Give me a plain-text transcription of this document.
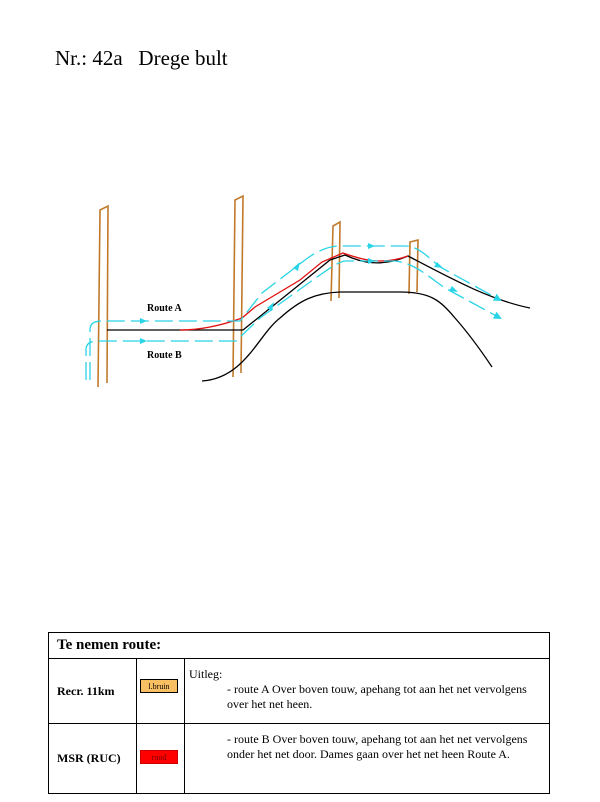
Nr.: 42a Drege bult
Route A
Route B
Te nemen route:
Recr. 11km	l.bruin
Uitleg:
- route A Over boven touw, apehang tot aan het net vervolgens over het net heen.
MSR (RUC)	rood
- route B Over boven touw, apehang tot aan het net vervolgens onder het net door. Dames gaan over het net heen Route A.
